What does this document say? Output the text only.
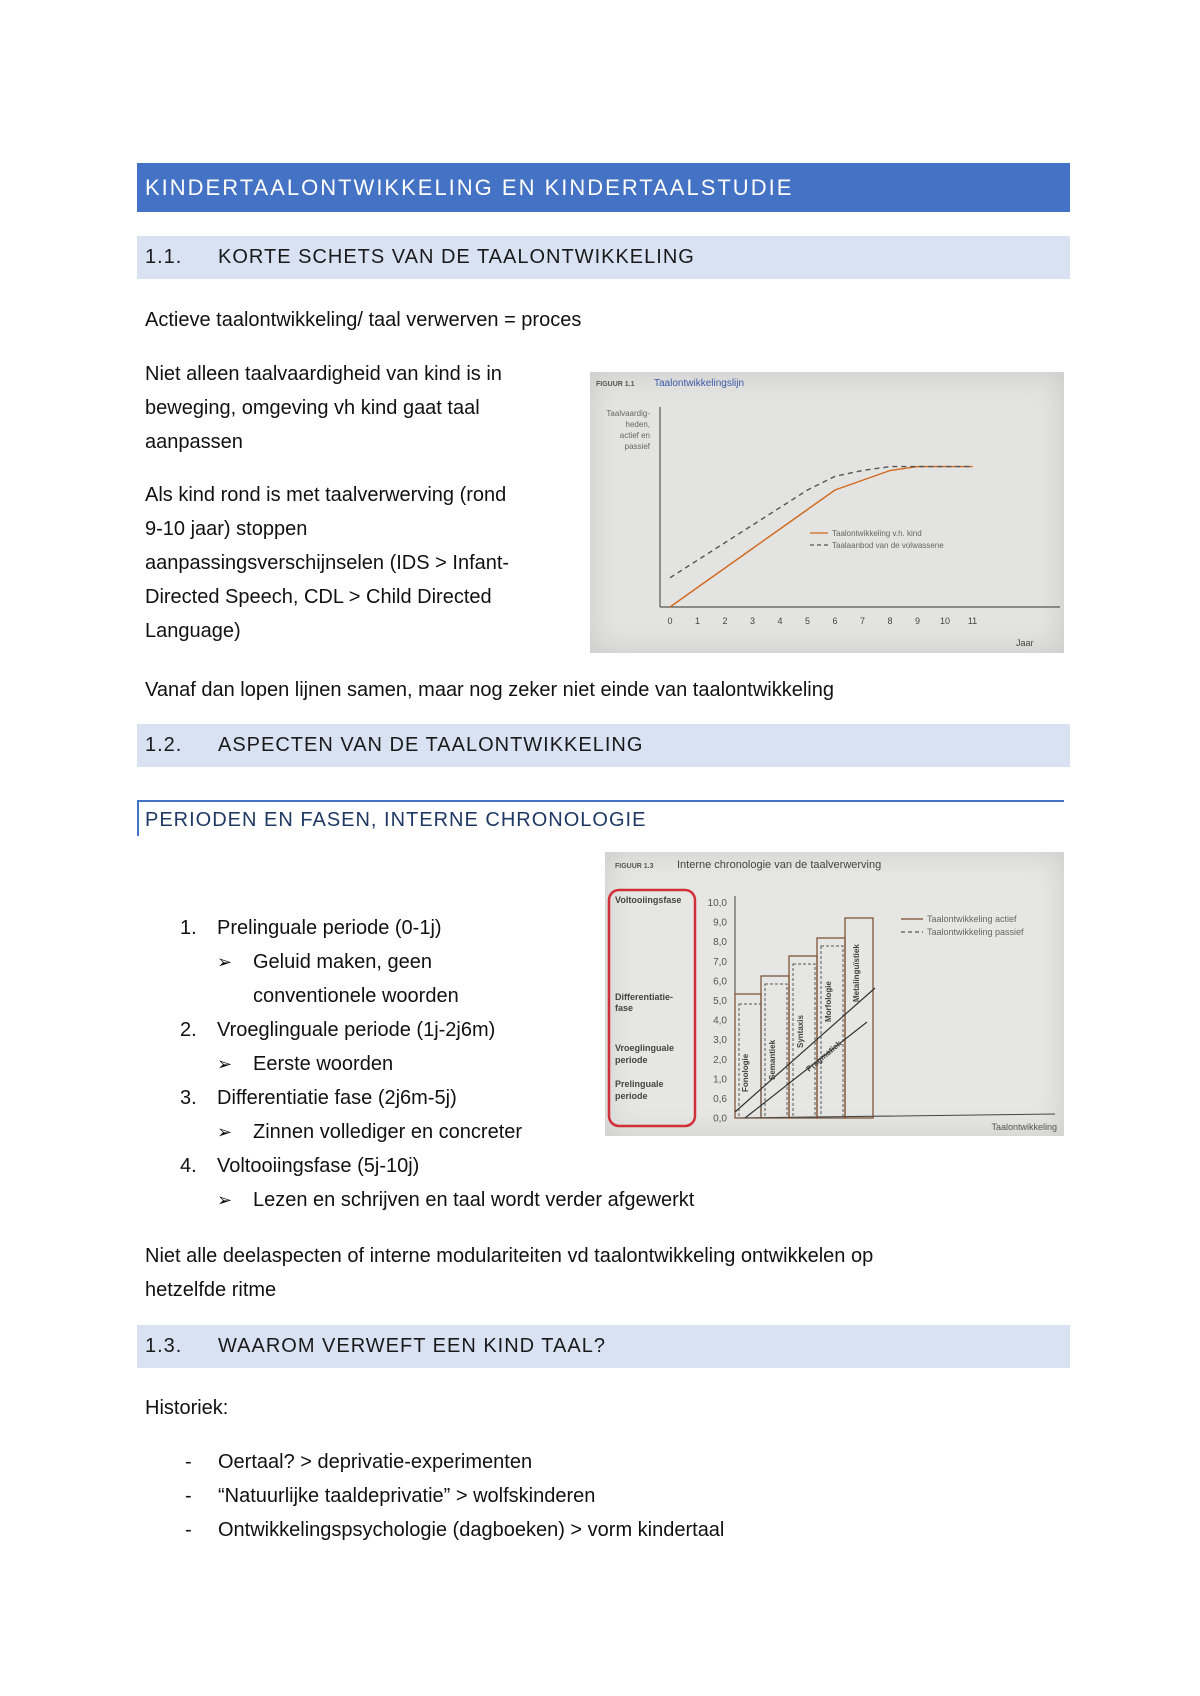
KINDERTAALONTWIKKELING EN KINDERTAALSTUDIE
1.1. KORTE SCHETS VAN DE TAALONTWIKKELING
Actieve taalontwikkeling/ taal verwerven = proces
Niet alleen taalvaardigheid van kind is in
beweging, omgeving vh kind gaat taal
aanpassen
Als kind rond is met taalverwerving (rond
9-10 jaar) stoppen
aanpassingsverschijnselen (IDS > Infant-
Directed Speech, CDL > Child Directed
Language)
FIGUUR 1.1 Taalontwikkelingslijn
Taalvaardig-
heden,
actief en
passief
0 1 2 3 4 5 6 7 8 9 10 11
Jaar
Taalontwikkeling v.h. kind
Taalaanbod van de volwassene
Vanaf dan lopen lijnen samen, maar nog zeker niet einde van taalontwikkeling
1.2. ASPECTEN VAN DE TAALONTWIKKELING
PERIODEN EN FASEN, INTERNE CHRONOLOGIE
FIGUUR 1.3 Interne chronologie van de taalverwerving
Voltooiingsfase
Differentiatie-
fase
Vroeglinguale
periode
Prelinguale
periode
10,0
9,0
8,0
7,0
6,0
5,0
4,0
3,0
2,0
1,0
0,6
0,0
Fonologie Semantiek
Syntaxis
Morfologie Metalinguïstiek
Pragmatiek
Taalontwikkeling actief
Taalontwikkeling passief
Taalontwikkeling
1. Prelinguale periode (0-1j)
➢ Geluid maken, geen
conventionele woorden
2. Vroeglinguale periode (1j-2j6m)
➢ Eerste woorden
3. Differentiatie fase (2j6m-5j)
➢ Zinnen vollediger en concreter
4. Voltooiingsfase (5j-10j)
➢ Lezen en schrijven en taal wordt verder afgewerkt
Niet alle deelaspecten of interne modulariteiten vd taalontwikkeling ontwikkelen op
hetzelfde ritme
1.3. WAAROM VERWEFT EEN KIND TAAL?
Historiek:
- Oertaal? > deprivatie-experimenten
- “Natuurlijke taaldeprivatie” > wolfskinderen
- Ontwikkelingspsychologie (dagboeken) > vorm kindertaal
